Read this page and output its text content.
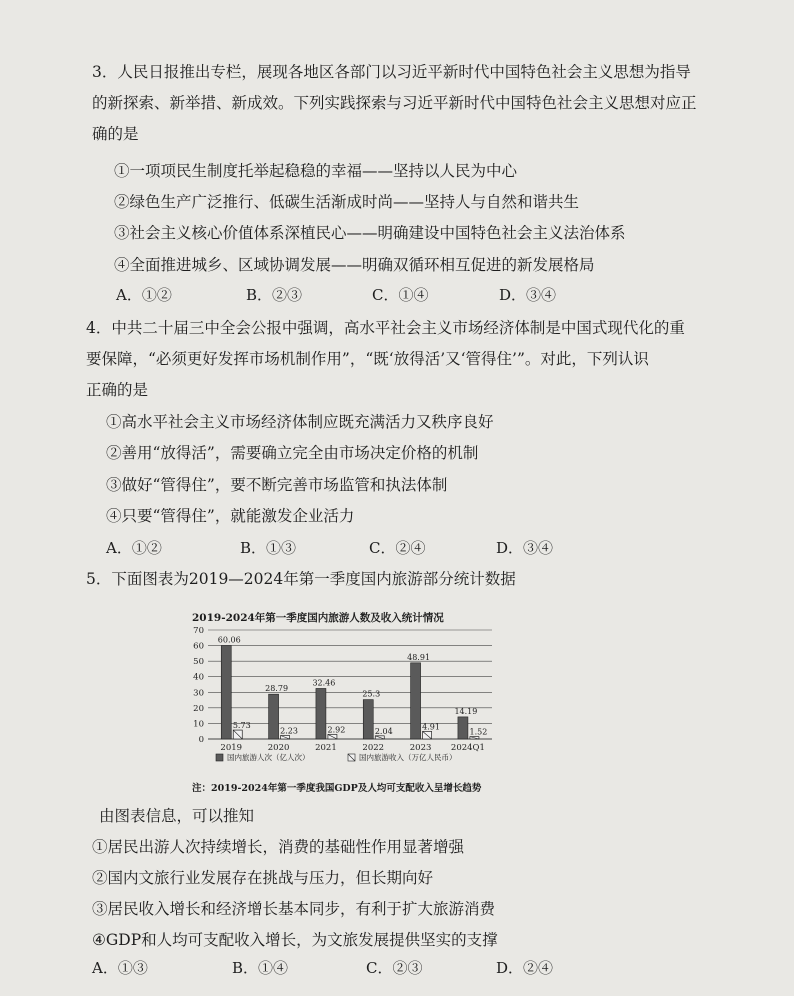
3．人民日报推出专栏，展现各地区各部门以习近平新时代中国特色社会主义思想为指导
的新探索、新举措、新成效。下列实践探索与习近平新时代中国特色社会主义思想对应正
确的是
①一项项民生制度托举起稳稳的幸福——坚持以人民为中心
②绿色生产广泛推行、低碳生活渐成时尚——坚持人与自然和谐共生
③社会主义核心价值体系深植民心——明确建设中国特色社会主义法治体系
④全面推进城乡、区域协调发展——明确双循环相互促进的新发展格局
A．①②	B．②③	C．①④	D．③④
4．中共二十届三中全会公报中强调，高水平社会主义市场经济体制是中国式现代化的重
要保障，“必须更好发挥市场机制作用”，“既‘放得活’又‘管得住’”。对此，下列认识
正确的是
①高水平社会主义市场经济体制应既充满活力又秩序良好
②善用“放得活”，需要确立完全由市场决定价格的机制
③做好“管得住”，要不断完善市场监管和执法体制
④只要“管得住”，就能激发企业活力
A．①②	B．①③	C．②④	D．③④
5．下面图表为2019—2024年第一季度国内旅游部分统计数据
2019-2024年第一季度国内旅游人数及收入统计情况
0
10
20
30
40
50
60
70
60.06
5.73
2019
28.79
2.23
2020
32.46
2.92
2021
25.3
2.04
2022
48.91
4.91
2023
14.19
1.52
2024Q1
国内旅游人次（亿人次）	国内旅游收入（万亿人民币）
注：2019-2024年第一季度我国GDP及人均可支配收入呈增长趋势
由图表信息，可以推知
①居民出游人次持续增长，消费的基础性作用显著增强
②国内文旅行业发展存在挑战与压力，但长期向好
③居民收入增长和经济增长基本同步，有利于扩大旅游消费
④GDP和人均可支配收入增长，为文旅发展提供坚实的支撑
A．①③	B．①④	C．②③	D．②④
